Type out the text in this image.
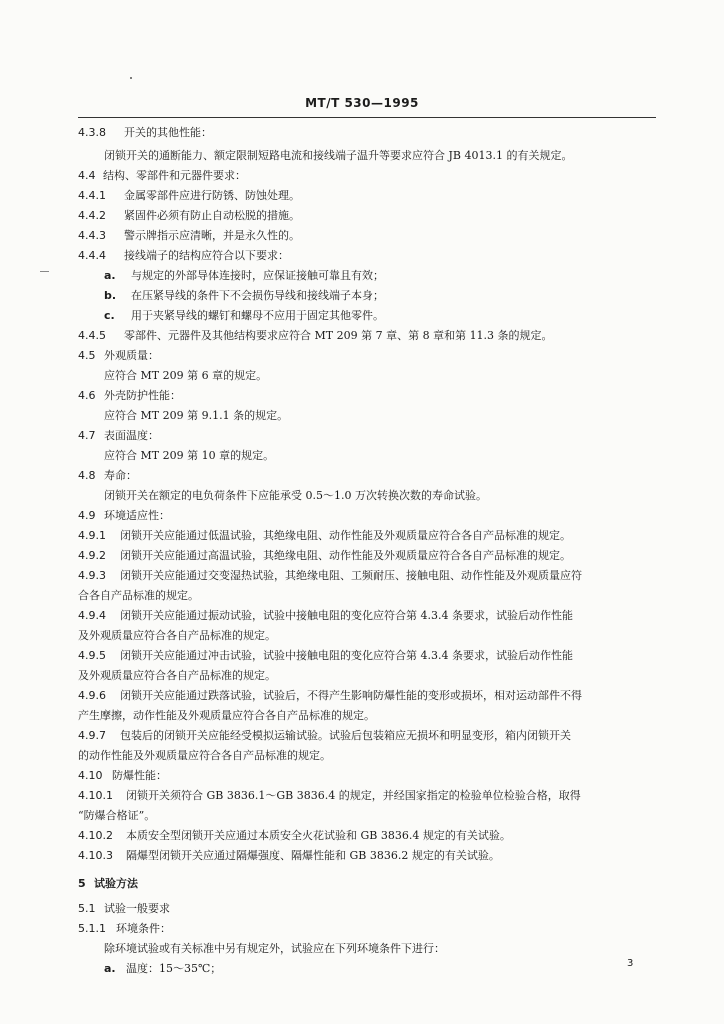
MT/T 530—1995
4.3.8 开关的其他性能：
闭锁开关的通断能力、额定限制短路电流和接线端子温升等要求应符合 JB 4013.1 的有关规定。
4.4 结构、零部件和元器件要求：
4.4.1 金属零部件应进行防锈、防蚀处理。
4.4.2 紧固件必须有防止自动松脱的措施。
4.4.3 警示牌指示应清晰，并是永久性的。
4.4.4 接线端子的结构应符合以下要求：
a. 与规定的外部导体连接时，应保证接触可靠且有效；
b. 在压紧导线的条件下不会损伤导线和接线端子本身；
c. 用于夹紧导线的螺钉和螺母不应用于固定其他零件。
4.4.5 零部件、元器件及其他结构要求应符合 MT 209 第 7 章、第 8 章和第 11.3 条的规定。
4.5 外观质量：
应符合 MT 209 第 6 章的规定。
4.6 外壳防护性能：
应符合 MT 209 第 9.1.1 条的规定。
4.7 表面温度：
应符合 MT 209 第 10 章的规定。
4.8 寿命：
闭锁开关在额定的电负荷条件下应能承受 0.5～1.0 万次转换次数的寿命试验。
4.9 环境适应性：
4.9.1 闭锁开关应能通过低温试验，其绝缘电阻、动作性能及外观质量应符合各自产品标准的规定。
4.9.2 闭锁开关应能通过高温试验，其绝缘电阻、动作性能及外观质量应符合各自产品标准的规定。
4.9.3 闭锁开关应能通过交变湿热试验，其绝缘电阻、工频耐压、接触电阻、动作性能及外观质量应符
合各自产品标准的规定。
4.9.4 闭锁开关应能通过振动试验，试验中接触电阻的变化应符合第 4.3.4 条要求，试验后动作性能
及外观质量应符合各自产品标准的规定。
4.9.5 闭锁开关应能通过冲击试验，试验中接触电阻的变化应符合第 4.3.4 条要求，试验后动作性能
及外观质量应符合各自产品标准的规定。
4.9.6 闭锁开关应能通过跌落试验，试验后，不得产生影响防爆性能的变形或损坏，相对运动部件不得
产生摩擦，动作性能及外观质量应符合各自产品标准的规定。
4.9.7 包装后的闭锁开关应能经受模拟运输试验。试验后包装箱应无损坏和明显变形，箱内闭锁开关
的动作性能及外观质量应符合各自产品标准的规定。
4.10 防爆性能：
4.10.1 闭锁开关须符合 GB 3836.1～GB 3836.4 的规定，并经国家指定的检验单位检验合格，取得
“防爆合格证”。
4.10.2 本质安全型闭锁开关应通过本质安全火花试验和 GB 3836.4 规定的有关试验。
4.10.3 隔爆型闭锁开关应通过隔爆强度、隔爆性能和 GB 3836.2 规定的有关试验。
5 试验方法
5.1 试验一般要求
5.1.1 环境条件：
除环境试验或有关标准中另有规定外，试验应在下列环境条件下进行：
a. 温度：15～35℃；	3
